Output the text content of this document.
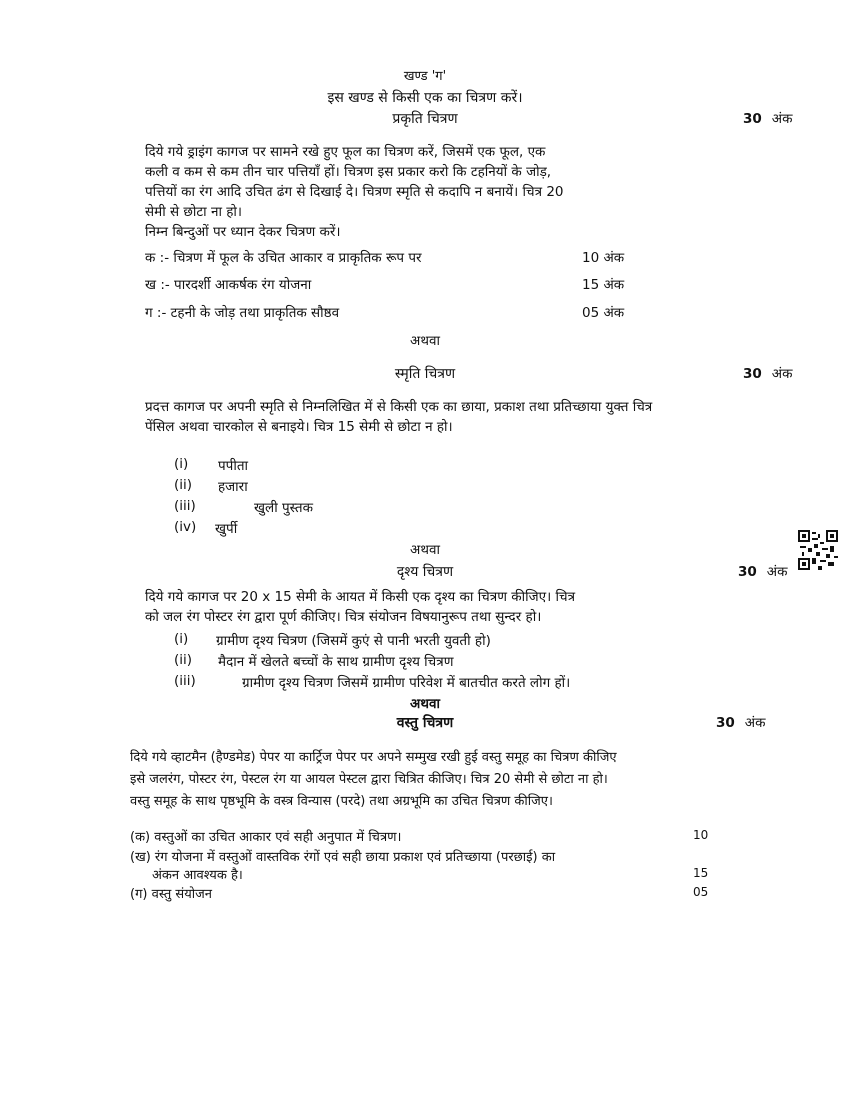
खण्ड 'ग'
इस खण्ड से किसी एक का चित्रण करें।
प्रकृति चित्रण	30 अंक
दिये गये ड्राइंग कागज पर सामने रखे हुए फूल का चित्रण करें, जिसमें एक फूल, एक
कली व कम से कम तीन चार पत्तियाँ हों। चित्रण इस प्रकार करो कि टहनियों के जोड़,
पत्तियों का रंग आदि उचित ढंग से दिखाई दे। चित्रण स्मृति से कदापि न बनायें। चित्र 20
सेमी से छोटा ना हो।
निम्न बिन्दुओं पर ध्यान देकर चित्रण करें।
क :- चित्रण में फूल के उचित आकार व प्राकृतिक रूप पर	10 अंक
ख :- पारदर्शी आकर्षक रंग योजना	15 अंक
ग :- टहनी के जोड़ तथा प्राकृतिक सौष्ठव	05 अंक
अथवा
स्मृति चित्रण	30 अंक
प्रदत्त कागज पर अपनी स्मृति से निम्नलिखित में से किसी एक का छाया, प्रकाश तथा प्रतिच्छाया युक्त चित्र
पेंसिल अथवा चारकोल से बनाइये। चित्र 15 सेमी से छोटा न हो।
(i) पपीता
(ii) हजारा
(iii)	खुली पुस्तक
(iv) खुर्पी
अथवा
दृश्य चित्रण	30 अंक
दिये गये कागज पर 20 x 15 सेमी के आयत में किसी एक दृश्य का चित्रण कीजिए। चित्र
को जल रंग पोस्टर रंग द्वारा पूर्ण कीजिए। चित्र संयोजन विषयानुरूप तथा सुन्दर हो।
(i) ग्रामीण दृश्य चित्रण (जिसमें कुएं से पानी भरती युवती हो)
(ii) मैदान में खेलते बच्चों के साथ ग्रामीण दृश्य चित्रण
(iii)	ग्रामीण दृश्य चित्रण जिसमें ग्रामीण परिवेश में बातचीत करते लोग हों।
अथवा
वस्तु चित्रण	30 अंक
दिये गये व्हाटमैन (हैण्डमेड) पेपर या कार्ट्रिज पेपर पर अपने सम्मुख रखी हुई वस्तु समूह का चित्रण कीजिए
इसे जलरंग, पोस्टर रंग, पेस्टल रंग या आयल पेस्टल द्वारा चित्रित कीजिए। चित्र 20 सेमी से छोटा ना हो।
वस्तु समूह के साथ पृष्ठभूमि के वस्त्र विन्यास (परदे) तथा अग्रभूमि का उचित चित्रण कीजिए।
(क) वस्तुओं का उचित आकार एवं सही अनुपात में चित्रण।	10
(ख) रंग योजना में वस्तुओं वास्तविक रंगों एवं सही छाया प्रकाश एवं प्रतिच्छाया (परछाई) का
अंकन आवश्यक है।	15
(ग) वस्तु संयोजन	05
